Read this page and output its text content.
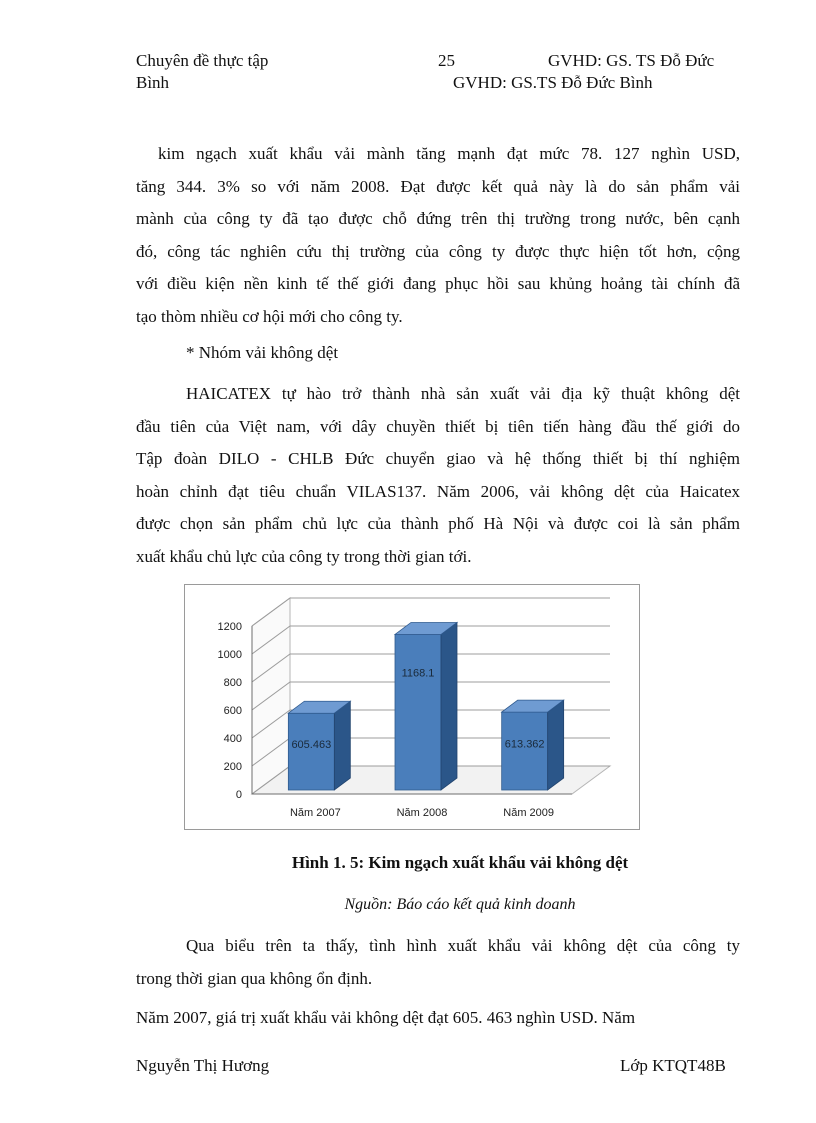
Chuyên đề thực tập
Bình
25	GVHD: GS. TS Đỗ Đức
GVHD: GS.TS Đỗ Đức Bình
kim ngạch xuất khẩu vải mành tăng mạnh đạt mức 78. 127 nghìn USD,
tăng 344. 3% so với năm 2008. Đạt được kết quả này là do sản phẩm vải
mành của công ty đã tạo được chỗ đứng trên thị trường trong nước, bên cạnh
đó, công tác nghiên cứu thị trường của công ty được thực hiện tốt hơn, cộng
với điều kiện nền kinh tế thế giới đang phục hồi sau khủng hoảng tài chính đã
tạo thòm nhiều cơ hội mới cho công ty.
* Nhóm vải không dệt
HAICATEX tự hào trở thành nhà sản xuất vải địa kỹ thuật không dệt
đầu tiên của Việt nam, với dây chuyền thiết bị tiên tiến hàng đầu thế giới do
Tập đoàn DILO - CHLB Đức chuyển giao và hệ thống thiết bị thí nghiệm
hoàn chỉnh đạt tiêu chuẩn VILAS137. Năm 2006, vải không dệt của Haicatex
được chọn sản phẩm chủ lực của thành phố Hà Nội và được coi là sản phẩm
xuất khẩu chủ lực của công ty trong thời gian tới.
0
200
400
600
800
1000
1200
605.463
Năm 2007
1168.1
Năm 2008
613.362
Năm 2009
Hình 1. 5: Kim ngạch xuất khẩu vải không dệt
Nguồn: Báo cáo kết quả kinh doanh
Qua biểu trên ta thấy, tình hình xuất khẩu vải không dệt của công ty
trong thời gian qua không ổn định.
Năm 2007, giá trị xuất khẩu vải không dệt đạt 605. 463 nghìn USD. Năm
Nguyễn Thị Hương	Lớp KTQT48B
